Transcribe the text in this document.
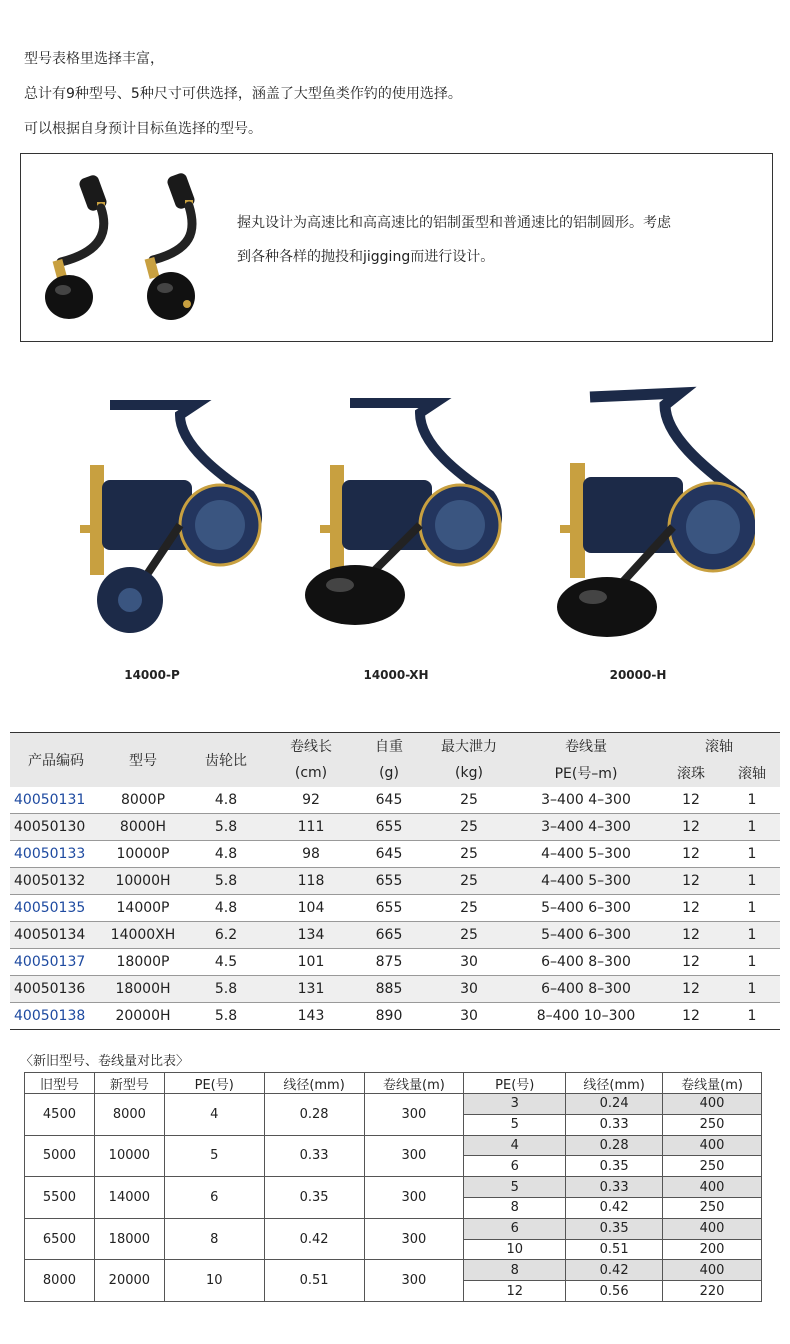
型号表格里选择丰富，

总计有9种型号、5种尺寸可供选择，涵盖了大型鱼类作钓的使用选择。

可以根据自身预计目标鱼选择的型号。

握丸设计为高速比和高高速比的铝制蛋型和普通速比的铝制圆形。考虑

到各种各样的抛投和jigging而进行设计。

14000-P	14000-XH	20000-H
产品编码	型号	齿轮比	卷线长	自重	最大泄力	卷线量	滚轴	
			(cm)	(g)	(kg)	PE(号–m)	滚珠	滚轴
40050131	8000P	4.8	92	645	25	3–400 4–300	12	1
40050130	8000H	5.8	111	655	25	3–400 4–300	12	1
40050133	10000P	4.8	98	645	25	4–400 5–300	12	1
40050132	10000H	5.8	118	655	25	4–400 5–300	12	1
40050135	14000P	4.8	104	655	25	5–400 6–300	12	1
40050134	14000XH	6.2	134	665	25	5–400 6–300	12	1
40050137	18000P	4.5	101	875	30	6–400 8–300	12	1
40050136	18000H	5.8	131	885	30	6–400 8–300	12	1
40050138	20000H	5.8	143	890	30	8–400 10–300	12	1
〈新旧型号、卷线量对比表〉
旧型号	新型号	PE(号)	线径(mm)	卷线量(m)	PE(号)	线径(mm)	卷线量(m)
4500	8000	4	0.28	300	3	0.24	400
					5	0.33	250
5000	10000	5	0.33	300	4	0.28	400
					6	0.35	250
5500	14000	6	0.35	300	5	0.33	400
					8	0.42	250
6500	18000	8	0.42	300	6	0.35	400
					10	0.51	200
8000	20000	10	0.51	300	8	0.42	400
					12	0.56	220
